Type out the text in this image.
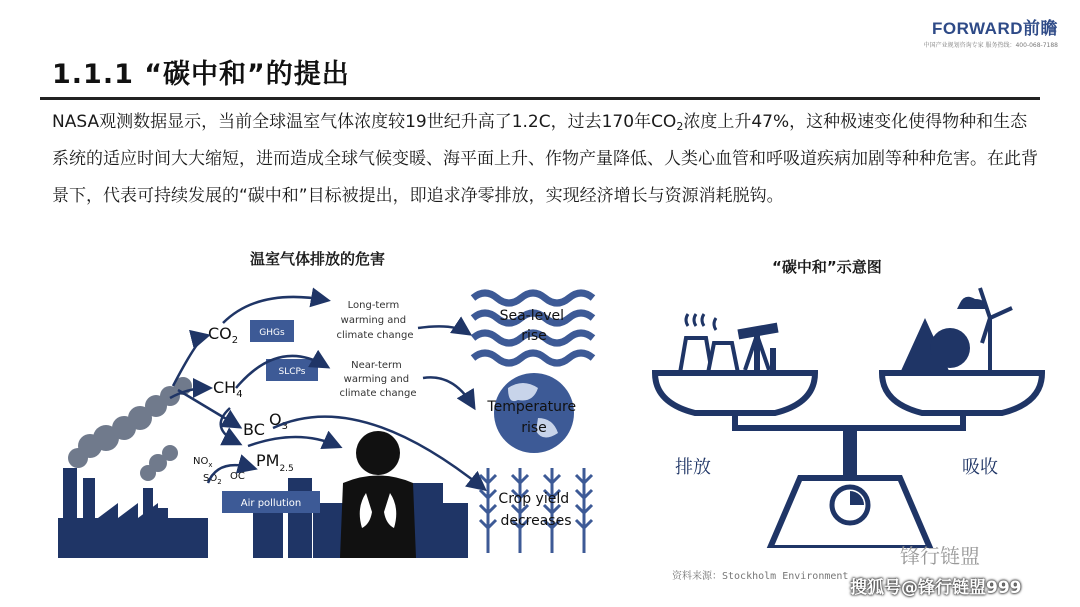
FORWARD前瞻
中国产业规划咨询专家 服务热线：400-068-7188
1.1.1 “碳中和”的提出
NASA观测数据显示，当前全球温室气体浓度较19世纪升高了1.2C，过去170年$CO_2$浓度上升47%，这种极速变化使得物种和生态系统的适应时间大大缩短，进而造成全球气候变暖、海平面上升、作物产量降低、人类心血管和呼吸道疾病加剧等种种危害。在此背景下，代表可持续发展的“碳中和”目标被提出，即追求净零排放，实现经济增长与资源消耗脱钩。
温室气体排放的危害	“碳中和”示意图
$CO_2$
$CH_4$
BC
$O_3$
$PM_{2.5}$
$NO_x$
$SO_2$ OC
GHGs
SLCPs
Air pollution
Long-term warming and climate change
Near-term warming and climate change
Sea-level rise
Temperature rise
Crop yield decreases
排放	吸收
资料来源：Stockholm Environment
锋行链盟
搜狐号@锋行链盟999
